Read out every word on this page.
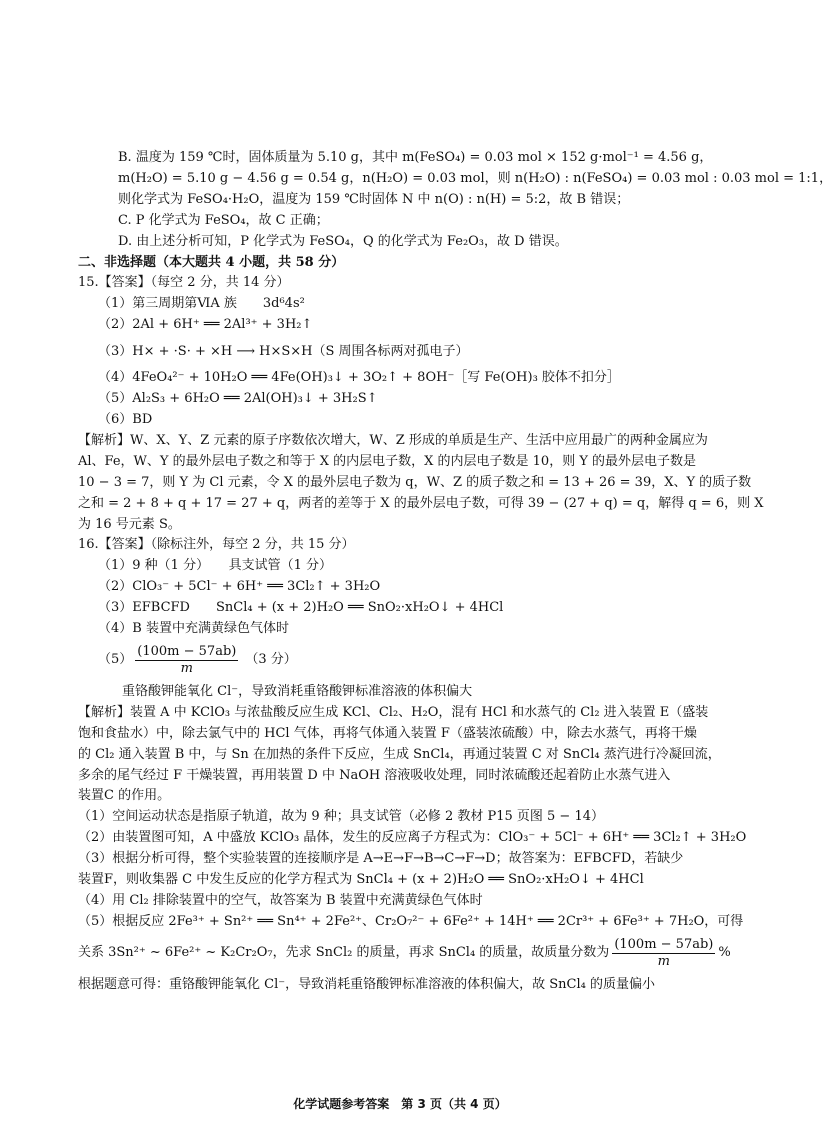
B. 温度为 159 ℃时，固体质量为 5.10 g，其中 m(FeSO₄) = 0.03 mol × 152 g·mol⁻¹ = 4.56 g，
m(H₂O) = 5.10 g − 4.56 g = 0.54 g，n(H₂O) = 0.03 mol，则 n(H₂O) : n(FeSO₄) = 0.03 mol : 0.03 mol = 1:1，
则化学式为 FeSO₄·H₂O，温度为 159 ℃时固体 N 中 n(O) : n(H) = 5:2，故 B 错误；
C. P 化学式为 FeSO₄，故 C 正确；
D. 由上述分析可知，P 化学式为 FeSO₄，Q 的化学式为 Fe₂O₃，故 D 错误。
二、非选择题（本大题共 4 小题，共 58 分）
15.【答案】（每空 2 分，共 14 分）
（1）第三周期第ⅥA 族　　3d⁶4s²
（2）2Al + 6H⁺ ══ 2Al³⁺ + 3H₂↑
（3）H× + ·S· + ×H ⟶ H×S×H（S 周围各标两对孤电子）
（4）4FeO₄²⁻ + 10H₂O ══ 4Fe(OH)₃↓ + 3O₂↑ + 8OH⁻［写 Fe(OH)₃ 胶体不扣分］
（5）Al₂S₃ + 6H₂O ══ 2Al(OH)₃↓ + 3H₂S↑
（6）BD
【解析】W、X、Y、Z 元素的原子序数依次增大，W、Z 形成的单质是生产、生活中应用最广的两种金属应为
Al、Fe，W、Y 的最外层电子数之和等于 X 的内层电子数，X 的内层电子数是 10，则 Y 的最外层电子数是
10 − 3 = 7，则 Y 为 Cl 元素，令 X 的最外层电子数为 q，W、Z 的质子数之和 = 13 + 26 = 39，X、Y 的质子数
之和 = 2 + 8 + q + 17 = 27 + q，两者的差等于 X 的最外层电子数，可得 39 − (27 + q) = q，解得 q = 6，则 X
为 16 号元素 S。
16.【答案】（除标注外，每空 2 分，共 15 分）
（1）9 种（1 分）　　具支试管（1 分）
（2）ClO₃⁻ + 5Cl⁻ + 6H⁺ ══ 3Cl₂↑ + 3H₂O
（3）EFBCFD　　SnCl₄ + (x + 2)H₂O ══ SnO₂·xH₂O↓ + 4HCl
（4）B 装置中充满黄绿色气体时
$(5) \frac{(100m - 57ab)}{m} (3$ 分）
重铬酸钾能氧化 Cl⁻，导致消耗重铬酸钾标准溶液的体积偏大
【解析】装置 A 中 KClO₃ 与浓盐酸反应生成 KCl、Cl₂、H₂O，混有 HCl 和水蒸气的 Cl₂ 进入装置 E（盛装
饱和食盐水）中，除去氯气中的 HCl 气体，再将气体通入装置 F（盛装浓硫酸）中，除去水蒸气，再将干燥
的 Cl₂ 通入装置 B 中，与 Sn 在加热的条件下反应，生成 SnCl₄，再通过装置 C 对 SnCl₄ 蒸汽进行冷凝回流，
多余的尾气经过 F 干燥装置，再用装置 D 中 NaOH 溶液吸收处理，同时浓硫酸还起着防止水蒸气进入
装置C 的作用。
（1）空间运动状态是指原子轨道，故为 9 种；具支试管（必修 2 教材 P15 页图 5 − 14）
（2）由装置图可知，A 中盛放 KClO₃ 晶体，发生的反应离子方程式为：ClO₃⁻ + 5Cl⁻ + 6H⁺ ══ 3Cl₂↑ + 3H₂O
（3）根据分析可得，整个实验装置的连接顺序是 A→E→F→B→C→F→D；故答案为：EFBCFD，若缺少
装置F，则收集器 C 中发生反应的化学方程式为 SnCl₄ + (x + 2)H₂O ══ SnO₂·xH₂O↓ + 4HCl
（4）用 Cl₂ 排除装置中的空气，故答案为 B 装置中充满黄绿色气体时
（5）根据反应 2Fe³⁺ + Sn²⁺ ══ Sn⁴⁺ + 2Fe²⁺、Cr₂O₇²⁻ + 6Fe²⁺ + 14H⁺ ══ 2Cr³⁺ + 6Fe³⁺ + 7H₂O，可得
关系 3Sn²⁺ ~ 6Fe²⁺ ~ K₂Cr₂O₇，先求 SnCl₂ 的质量，再求 SnCl₄ 的质量，故质量分数为 $\frac{(100m - 57ab)}{m}$ %
根据题意可得：重铬酸钾能氧化 Cl⁻，导致消耗重铬酸钾标准溶液的体积偏大，故 SnCl₄ 的质量偏小
化学试题参考答案　第 3 页（共 4 页）
